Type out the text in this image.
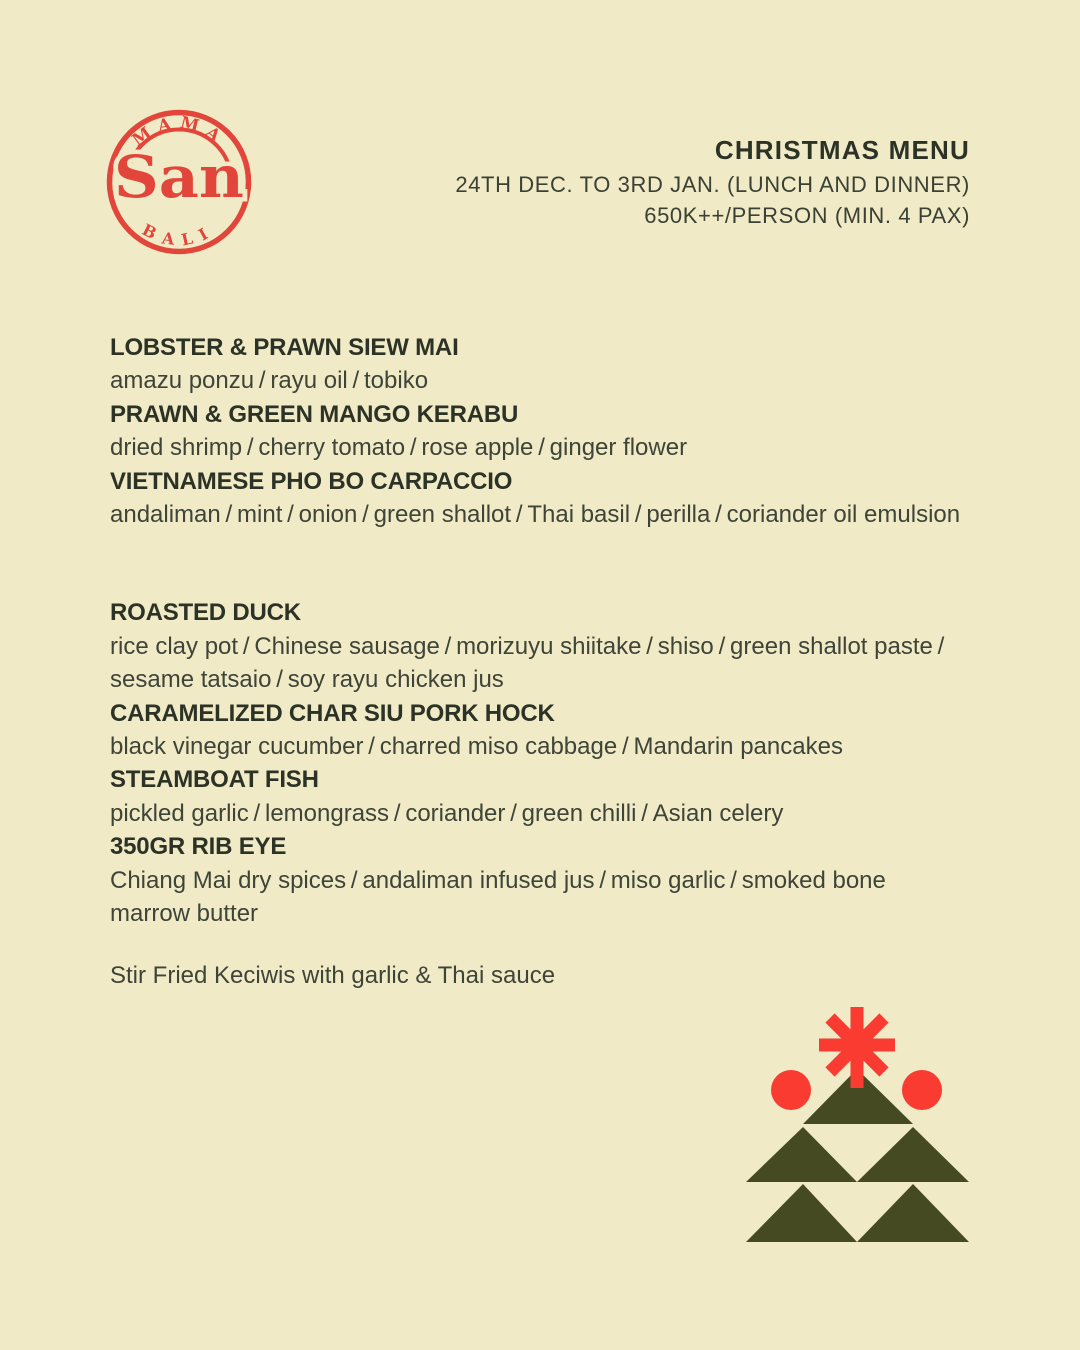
MAMA
BALI
San	CHRISTMAS MENU
24TH DEC. TO 3RD JAN. (LUNCH AND DINNER)
650K++/PERSON (MIN. 4 PAX)
LOBSTER & PRAWN SIEW MAI

amazu ponzu / rayu oil / tobiko

PRAWN & GREEN MANGO KERABU

dried shrimp / cherry tomato / rose apple / ginger flower

VIETNAMESE PHO BO CARPACCIO

andaliman / mint / onion / green shallot / Thai basil / perilla / coriander oil emulsion

ROASTED DUCK

rice clay pot / Chinese sausage / morizuyu shiitake / shiso / green shallot paste / sesame tatsaio / soy rayu chicken jus

CARAMELIZED CHAR SIU PORK HOCK

black vinegar cucumber / charred miso cabbage / Mandarin pancakes

STEAMBOAT FISH

pickled garlic / lemongrass / coriander / green chilli / Asian celery

350GR RIB EYE

Chiang Mai dry spices / andaliman infused jus / miso garlic / smoked bone marrow butter

Stir Fried Keciwis with garlic & Thai sauce
